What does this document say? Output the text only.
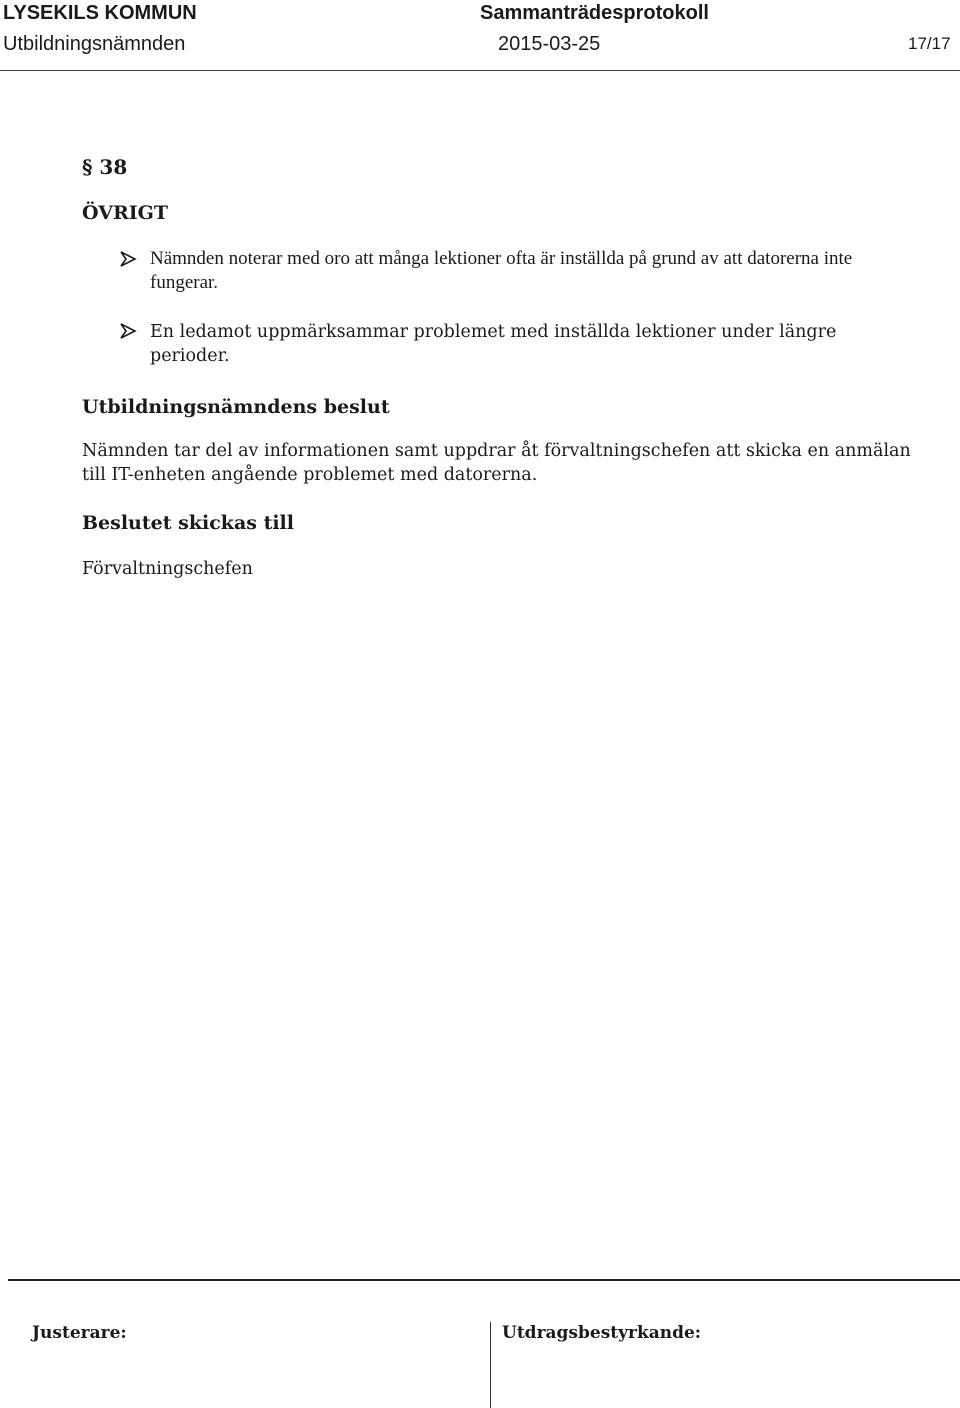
LYSEKILS KOMMUN	Sammanträdesprotokoll
Utbildningsnämnden	2015-03-25	17/17
§ 38
ÖVRIGT
Nämnden noterar med oro att många lektioner ofta är inställda på grund av att datorerna inte fungerar.
En ledamot uppmärksammar problemet med inställda lektioner under längre perioder.
Utbildningsnämndens beslut
Nämnden tar del av informationen samt uppdrar åt förvaltningschefen att skicka en anmälan till IT-enheten angående problemet med datorerna.
Beslutet skickas till
Förvaltningschefen
Justerare:	Utdragsbestyrkande:
